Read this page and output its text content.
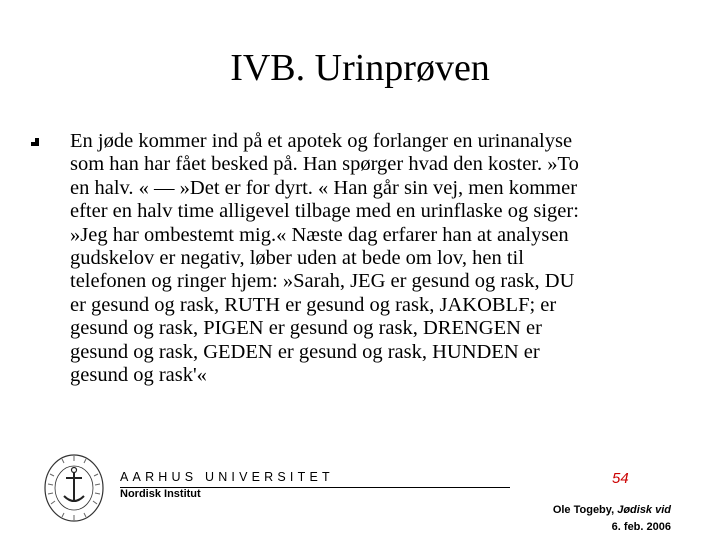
IVB. Urinprøven
En jøde kommer ind på et apotek og forlanger en urinanalyse
som han har fået besked på. Han spørger hvad den koster. »To
en halv. « — »Det er for dyrt. « Han går sin vej, men kommer
efter en halv time alligevel tilbage med en urinflaske og siger:
»Jeg har ombestemt mig.« Næste dag erfarer han at analysen
gudskelov er negativ, løber uden at bede om lov, hen til
telefonen og ringer hjem: »Sarah, JEG er gesund og rask, DU
er gesund og rask, RUTH er gesund og rask, JAKOBLF; er
gesund og rask, PIGEN er gesund og rask, DRENGEN er
gesund og rask, GEDEN er gesund og rask, HUNDEN er
gesund og rask'«
AARHUS UNIVERSITET
Nordisk Institut
54
Ole Togeby, Jødisk vid
6. feb. 2006
